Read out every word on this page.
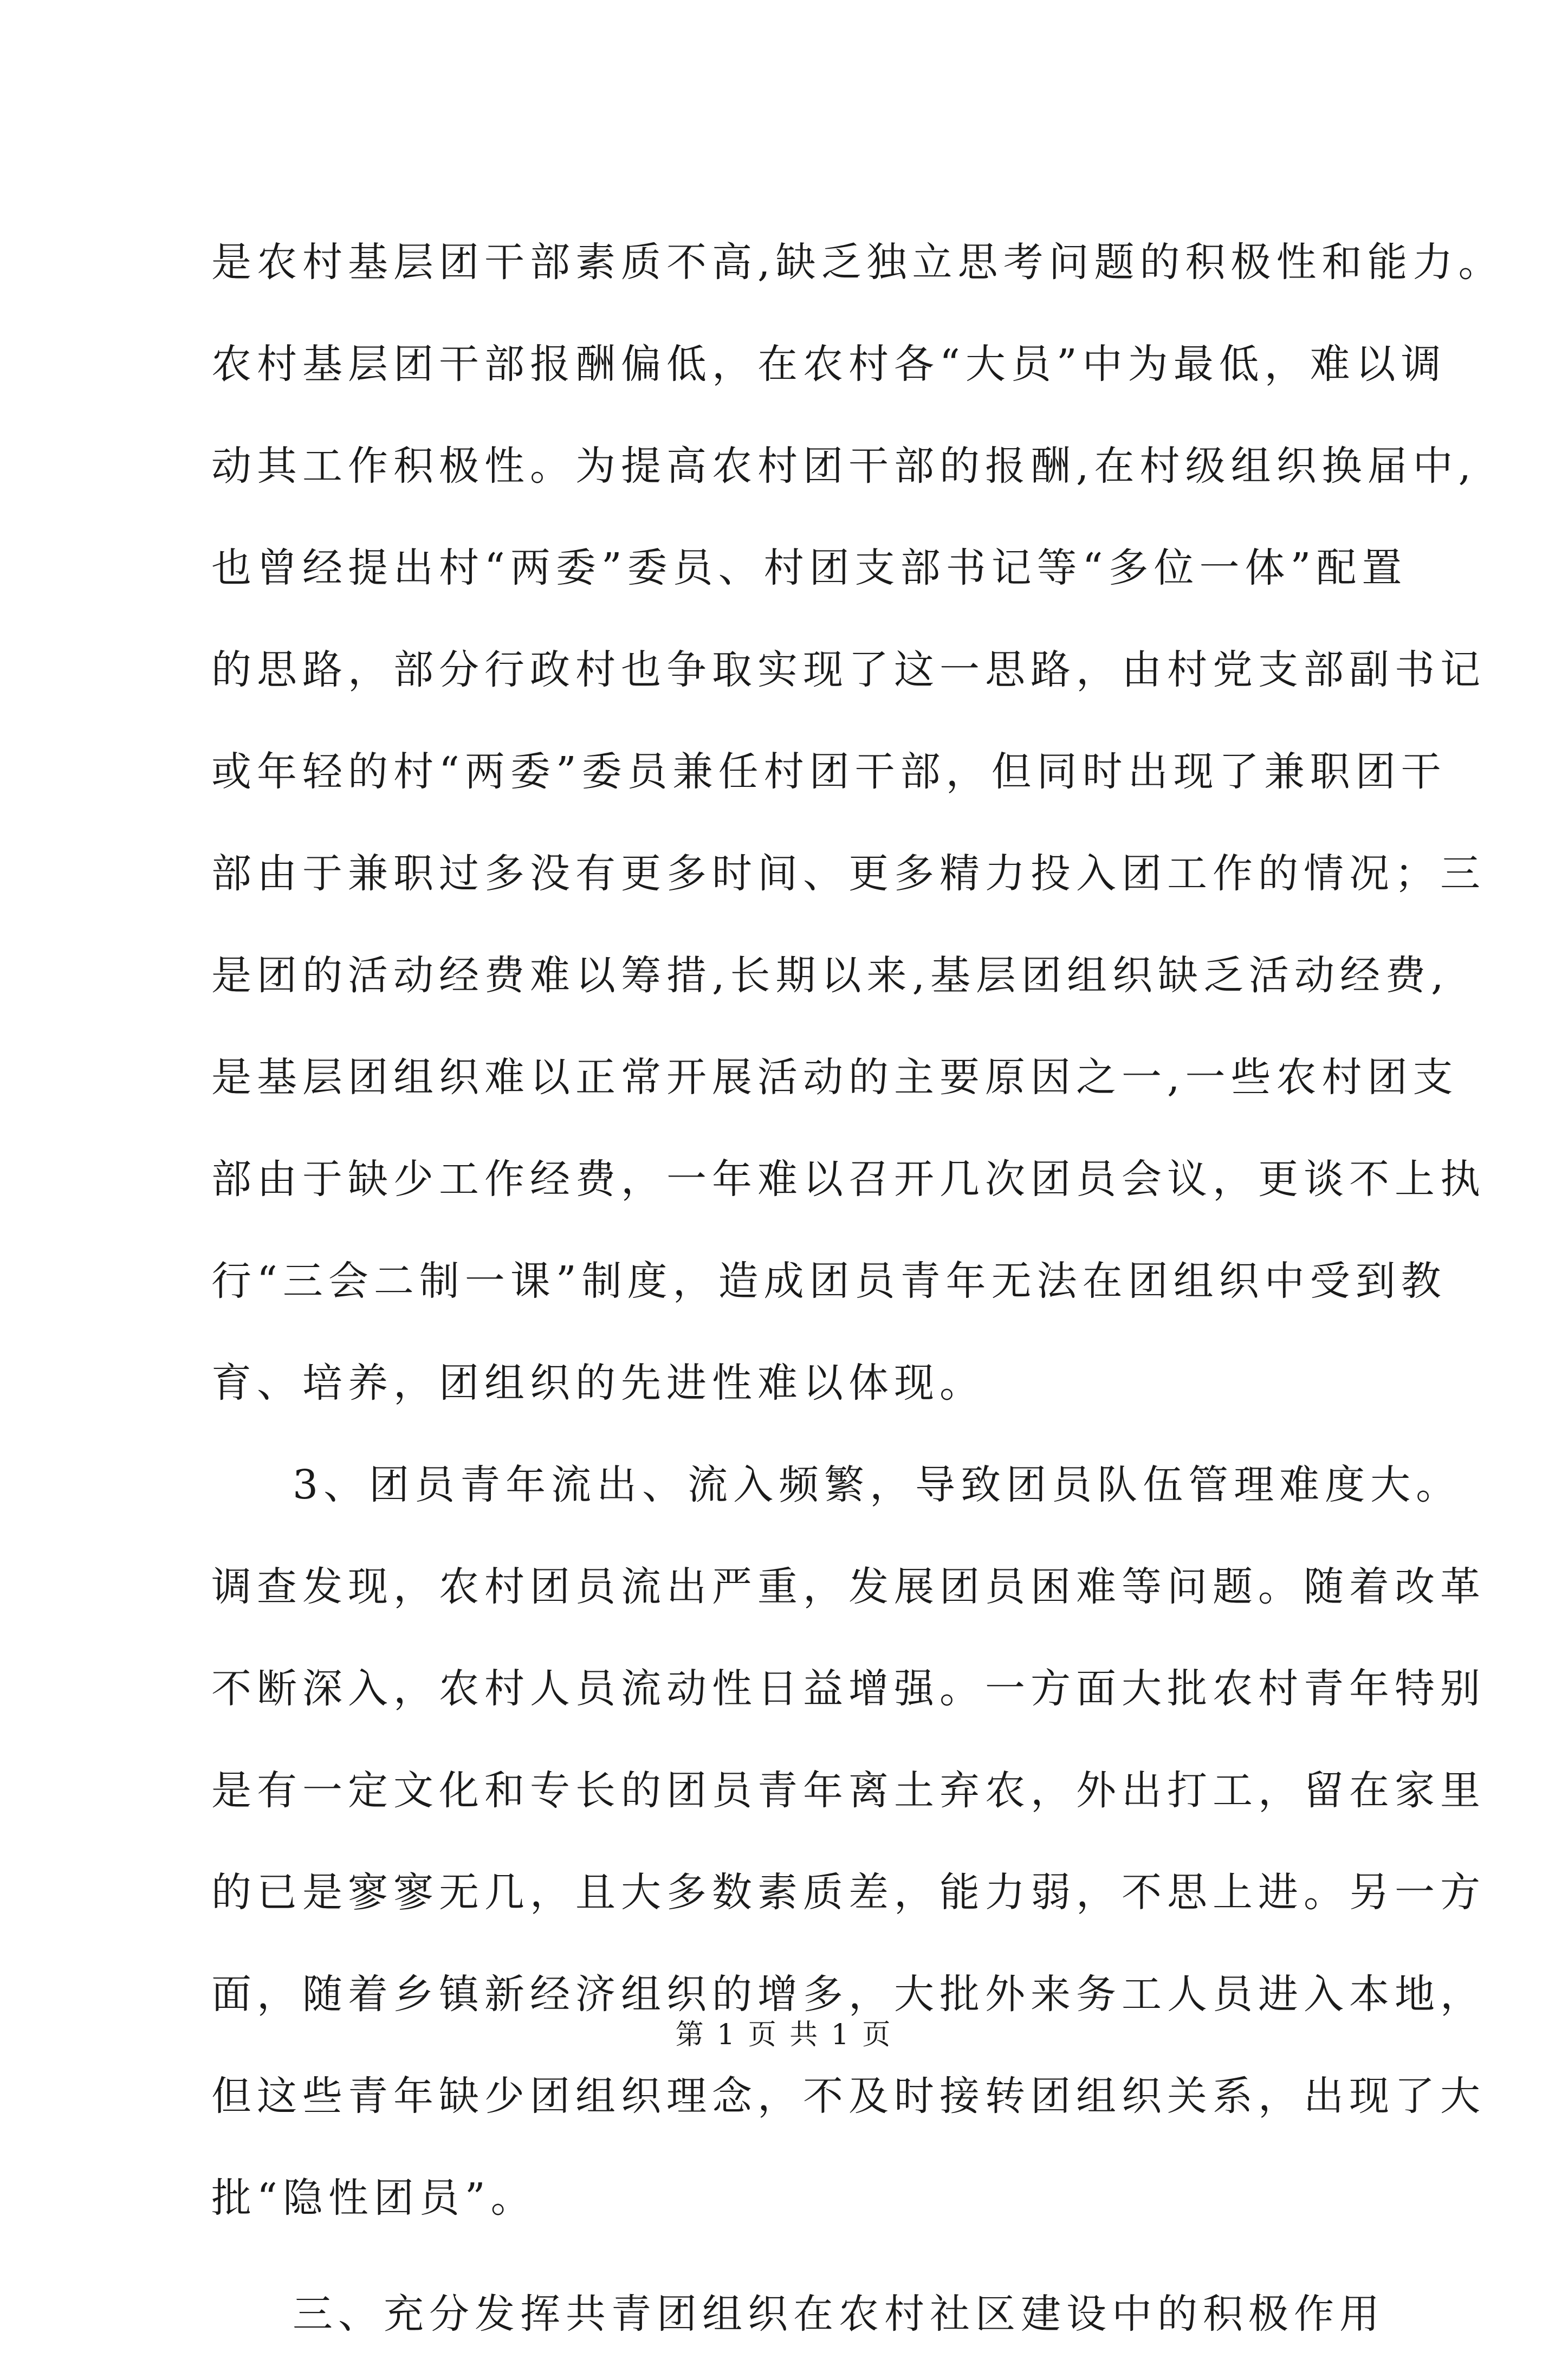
是农村基层团干部素质不高,缺乏独立思考问题的积极性和能力。
农村基层团干部报酬偏低，在农村各“大员”中为最低，难以调
动其工作积极性。为提高农村团干部的报酬,在村级组织换届中,
也曾经提出村“两委”委员、村团支部书记等“多位一体”配置
的思路，部分行政村也争取实现了这一思路，由村党支部副书记
或年轻的村“两委”委员兼任村团干部，但同时出现了兼职团干
部由于兼职过多没有更多时间、更多精力投入团工作的情况；三
是团的活动经费难以筹措,长期以来,基层团组织缺乏活动经费,
是基层团组织难以正常开展活动的主要原因之一,一些农村团支
部由于缺少工作经费，一年难以召开几次团员会议，更谈不上执
行“三会二制一课”制度，造成团员青年无法在团组织中受到教
育、培养，团组织的先进性难以体现。
3、团员青年流出、流入频繁，导致团员队伍管理难度大。
调查发现，农村团员流出严重，发展团员困难等问题。随着改革
不断深入，农村人员流动性日益增强。一方面大批农村青年特别
是有一定文化和专长的团员青年离土弃农，外出打工，留在家里
的已是寥寥无几，且大多数素质差，能力弱，不思上进。另一方
面，随着乡镇新经济组织的增多，大批外来务工人员进入本地，
但这些青年缺少团组织理念，不及时接转团组织关系，出现了大
批“隐性团员”。
三、充分发挥共青团组织在农村社区建设中的积极作用
第 1 页 共 1 页
